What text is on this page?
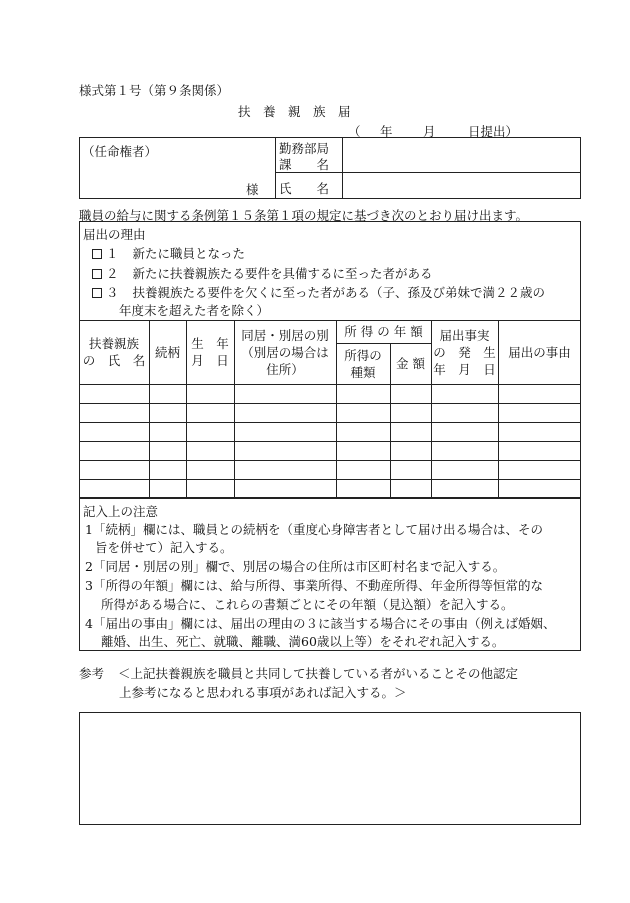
様式第１号（第９条関係）
扶　養　親　族　届
（ 年 月	日提出）
（任命権者）
様
勤務部局
課　　名
氏　　名
職員の給与に関する条例第１５条第１項の規定に基づき次のとおり届け出ます。
届出の理由
１ 新たに職員となった
２ 新たに扶養親族たる要件を具備するに至った者がある
３ 扶養親族たる要件を欠くに至った者がある（子、孫及び弟妹で満２２歳の
年度末を超えた者を除く）
扶養親族
の　氏　名
続柄
生　年
月　日
同居・別居の別
（別居の場合は
住所）
所 得 の 年 額
所得の
種類
金 額
届出事実
の　発　生
年　月　日
届出の事由
記入上の注意
1「続柄」欄には、職員との続柄を（重度心身障害者として届け出る場合は、その
旨を併せて）記入する。
2「同居・別居の別」欄で、別居の場合の住所は市区町村名まで記入する。
3「所得の年額」欄には、給与所得、事業所得、不動産所得、年金所得等恒常的な
所得がある場合に、これらの書類ごとにその年額（見込額）を記入する。
4「届出の事由」欄には、届出の理由の３に該当する場合にその事由（例えば婚姻、
離婚、出生、死亡、就職、離職、満60歳以上等）をそれぞれ記入する。
参考 ＜上記扶養親族を職員と共同して扶養している者がいることその他認定
上参考になると思われる事項があれば記入する。＞
